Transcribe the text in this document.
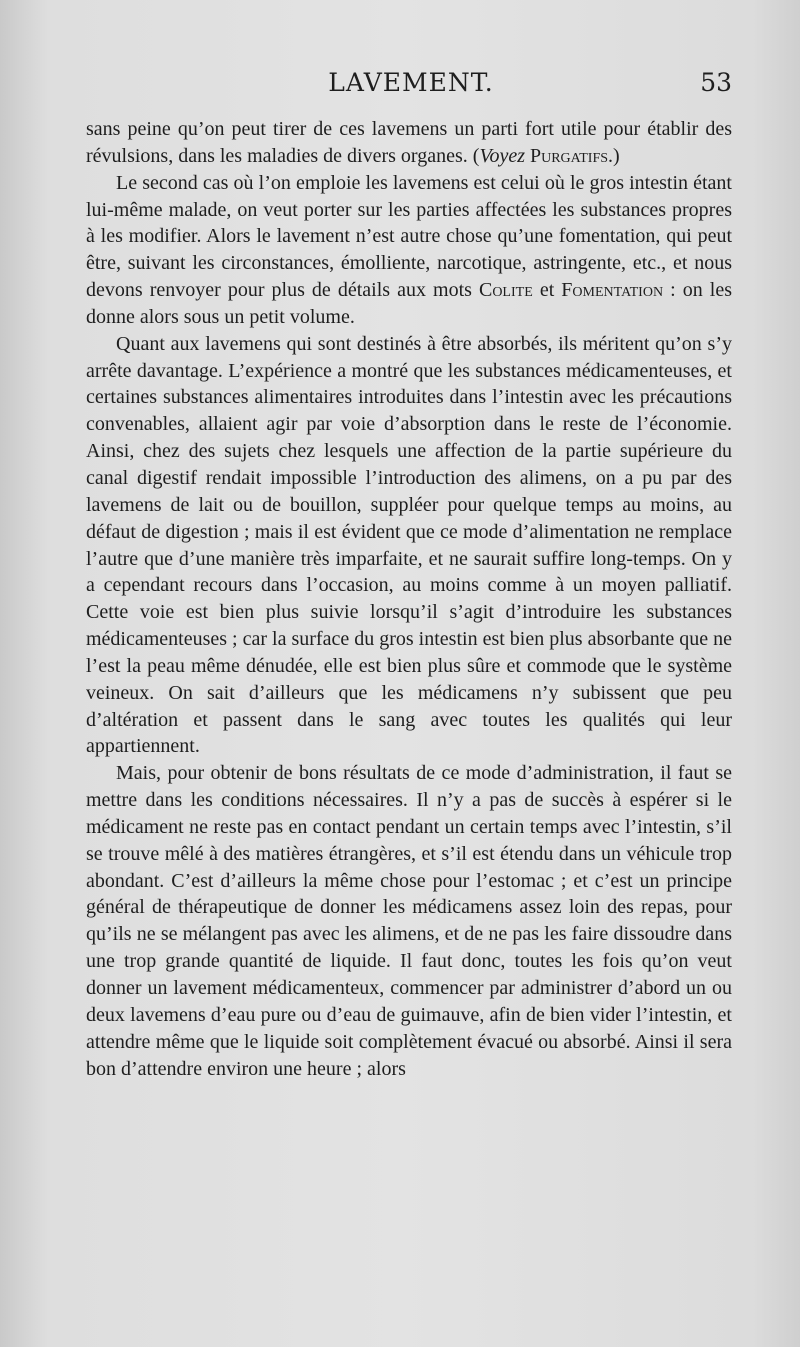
LAVEMENT.	53

sans peine qu’on peut tirer de ces lavemens un parti fort utile pour établir des révulsions, dans les maladies de divers organes. (Voyez Purgatifs.)

Le second cas où l’on emploie les lavemens est celui où le gros intestin étant lui-même malade, on veut porter sur les parties affectées les substances propres à les modifier. Alors le lavement n’est autre chose qu’une fomentation, qui peut être, suivant les circonstances, émolliente, narcotique, astringente, etc., et nous devons renvoyer pour plus de détails aux mots Colite et Fomentation : on les donne alors sous un petit volume.

Quant aux lavemens qui sont destinés à être absorbés, ils méritent qu’on s’y arrête davantage. L’expérience a montré que les substances médicamenteuses, et certaines substances alimentaires introduites dans l’intestin avec les précautions convenables, allaient agir par voie d’absorption dans le reste de l’économie. Ainsi, chez des sujets chez lesquels une affection de la partie supérieure du canal digestif rendait impossible l’introduction des alimens, on a pu par des lavemens de lait ou de bouillon, suppléer pour quelque temps au moins, au défaut de digestion ; mais il est évident que ce mode d’alimentation ne remplace l’autre que d’une manière très imparfaite, et ne saurait suffire long-temps. On y a cependant recours dans l’occasion, au moins comme à un moyen palliatif. Cette voie est bien plus suivie lorsqu’il s’agit d’introduire les substances médicamenteuses ; car la surface du gros intestin est bien plus absorbante que ne l’est la peau même dénudée, elle est bien plus sûre et commode que le système veineux. On sait d’ailleurs que les médicamens n’y subissent que peu d’altération et passent dans le sang avec toutes les qualités qui leur appartiennent.

Mais, pour obtenir de bons résultats de ce mode d’administration, il faut se mettre dans les conditions nécessaires. Il n’y a pas de succès à espérer si le médicament ne reste pas en contact pendant un certain temps avec l’intestin, s’il se trouve mêlé à des matières étrangères, et s’il est étendu dans un véhicule trop abondant. C’est d’ailleurs la même chose pour l’estomac ; et c’est un principe général de thérapeutique de donner les médicamens assez loin des repas, pour qu’ils ne se mélangent pas avec les alimens, et de ne pas les faire dissoudre dans une trop grande quantité de liquide. Il faut donc, toutes les fois qu’on veut donner un lavement médicamenteux, commencer par administrer d’abord un ou deux lavemens d’eau pure ou d’eau de guimauve, afin de bien vider l’intestin, et attendre même que le liquide soit complètement évacué ou absorbé. Ainsi il sera bon d’attendre environ une heure ; alors
